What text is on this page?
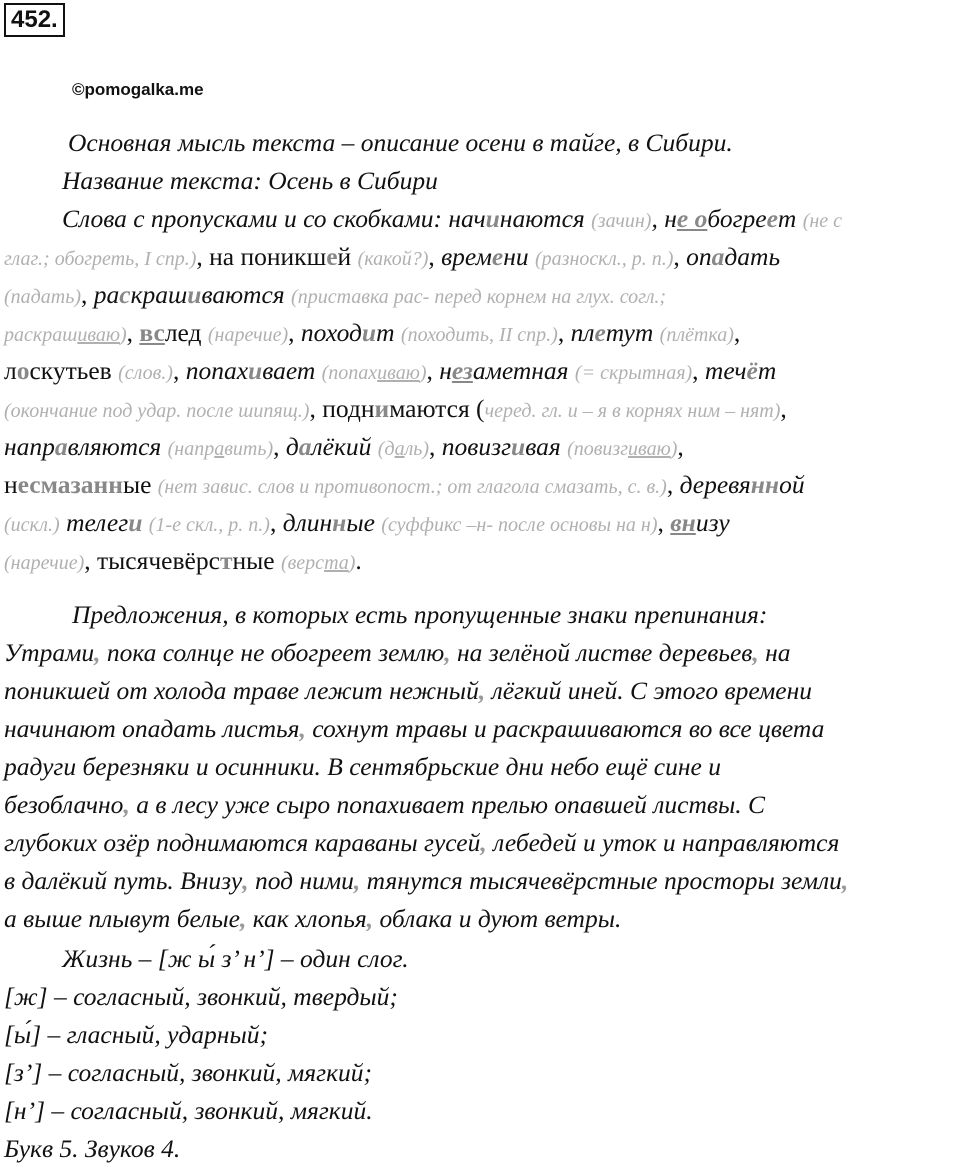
452.
©pomogalka.me
Основная мысль текста – описание осени в тайге, в Сибири.
Название текста: Осень в Сибири
Слова с пропусками и со скобками: начинаются (зачин), не обогреет (не с
глаг.; обогреть, I спр.), на поникшей (какой?), времени (разноскл., р. п.), опадать
(падать), раскрашиваются (приставка рас- перед корнем на глух. согл.;
раскрашиваю), вслед (наречие), походит (походить, II спр.), плетут (плётка),
лоскутьев (слов.), попахивает (попахиваю), незаметная (= скрытная), течёт
(окончание под удар. после шипящ.), поднимаются (черед. гл. и – я в корнях ним – нят),
направляются (направить), далёкий (даль), повизгивая (повизгиваю),
несмазанные (нет завис. слов и противопост.; от глагола смазать, с. в.), деревянной
(искл.) телеги (1-е скл., р. п.), длинные (суффикс –н- после основы на н), внизу
(наречие), тысячевёрстные (верста).
Предложения, в которых есть пропущенные знаки препинания:
Утрами, пока солнце не обогреет землю, на зелёной листве деревьев, на
поникшей от холода траве лежит нежный, лёгкий иней. С этого времени
начинают опадать листья, сохнут травы и раскрашиваются во все цвета
радуги березняки и осинники. В сентябрьские дни небо ещё сине и
безоблачно, а в лесу уже сыро попахивает прелью опавшей листвы. С
глубоких озёр поднимаются караваны гусей, лебедей и уток и направляются
в далёкий путь. Внизу, под ними, тянутся тысячевёрстные просторы земли,
а выше плывут белые, как хлопья, облака и дуют ветры.
Жизнь – [ж ы́ з’ н’] – один слог.
[ж] – согласный, звонкий, твердый;
[ы́] – гласный, ударный;
[з’] – согласный, звонкий, мягкий;
[н’] – согласный, звонкий, мягкий.
Букв 5. Звуков 4.
